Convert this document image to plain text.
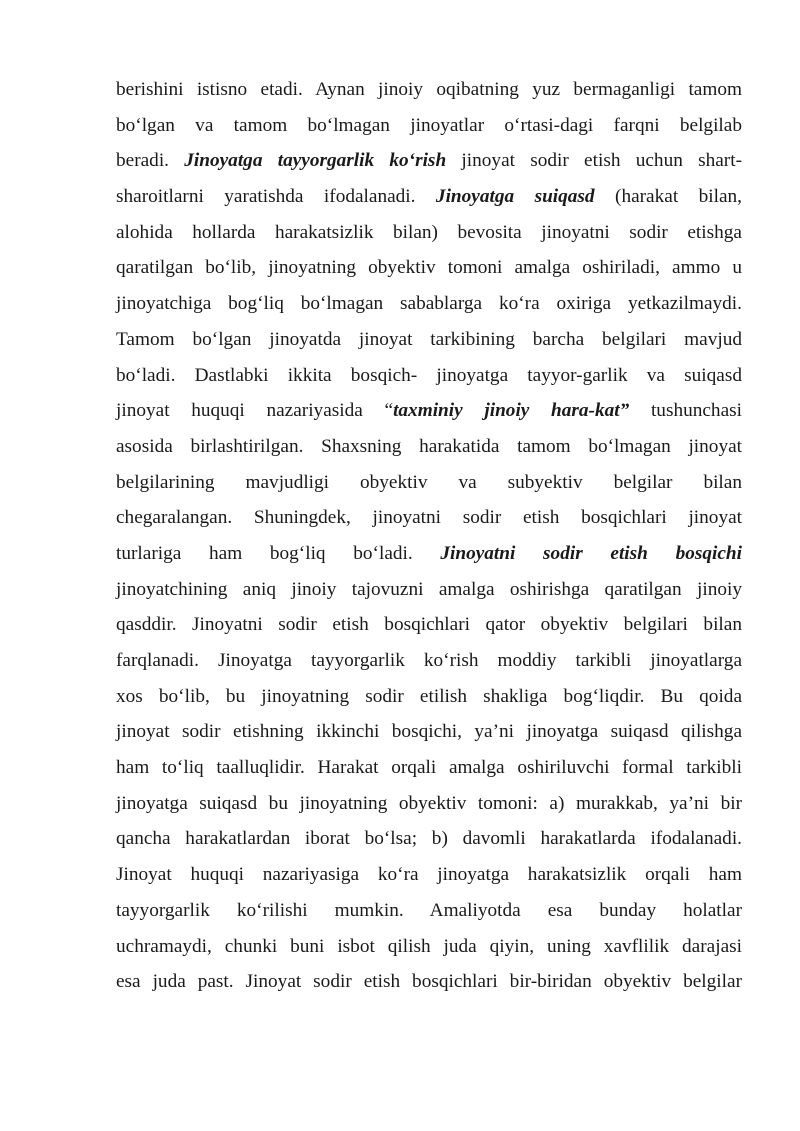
berishini istisno etadi. Aynan jinoiy oqibatning yuz bermaganligi tamom
bo‘lgan va tamom bo‘lmagan jinoyatlar o‘rtasi-dagi farqni belgilab
beradi. Jinoyatga tayyorgarlik ko‘rish jinoyat sodir etish uchun shart-
sharoitlarni yaratishda ifodalanadi. Jinoyatga suiqasd (harakat bilan,
alohida hollarda harakatsizlik bilan) bevosita jinoyatni sodir etishga
qaratilgan bo‘lib, jinoyatning obyektiv tomoni amalga oshiriladi, ammo u
jinoyatchiga bog‘liq bo‘lmagan sabablarga ko‘ra oxiriga yetkazilmaydi.
Tamom bo‘lgan jinoyatda jinoyat tarkibining barcha belgilari mavjud
bo‘ladi. Dastlabki ikkita bosqich- jinoyatga tayyor-garlik va suiqasd
jinoyat huquqi nazariyasida “taxminiy jinoiy hara-kat” tushunchasi
asosida birlashtirilgan. Shaxsning harakatida tamom bo‘lmagan jinoyat
belgilarining mavjudligi obyektiv va subyektiv belgilar bilan
chegaralangan. Shuningdek, jinoyatni sodir etish bosqichlari jinoyat
turlariga ham bog‘liq bo‘ladi. Jinoyatni sodir etish bosqichi
jinoyatchining aniq jinoiy tajovuzni amalga oshirishga qaratilgan jinoiy
qasddir. Jinoyatni sodir etish bosqichlari qator obyektiv belgilari bilan
farqlanadi. Jinoyatga tayyorgarlik ko‘rish moddiy tarkibli jinoyatlarga
xos bo‘lib, bu jinoyatning sodir etilish shakliga bog‘liqdir. Bu qoida
jinoyat sodir etishning ikkinchi bosqichi, ya’ni jinoyatga suiqasd qilishga
ham to‘liq taalluqlidir. Harakat orqali amalga oshiriluvchi formal tarkibli
jinoyatga suiqasd bu jinoyatning obyektiv tomoni: a) murakkab, ya’ni bir
qancha harakatlardan iborat bo‘lsa; b) davomli harakatlarda ifodalanadi.
Jinoyat huquqi nazariyasiga ko‘ra jinoyatga harakatsizlik orqali ham
tayyorgarlik ko‘rilishi mumkin. Amaliyotda esa bunday holatlar
uchramaydi, chunki buni isbot qilish juda qiyin, uning xavflilik darajasi
esa juda past. Jinoyat sodir etish bosqichlari bir-biridan obyektiv belgilar
